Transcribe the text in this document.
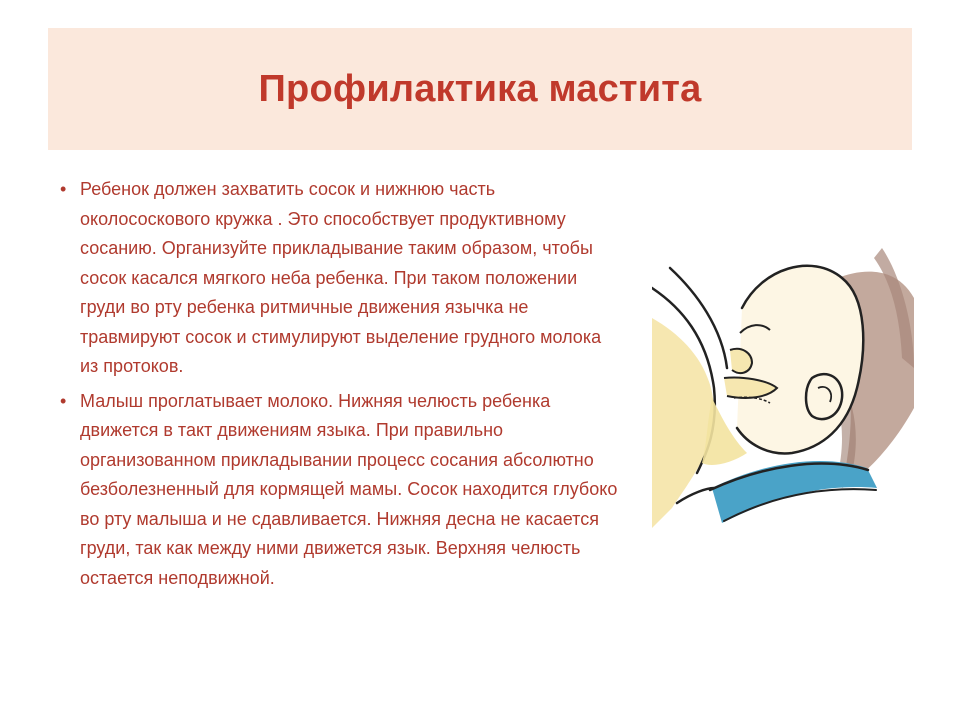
Профилактика мастита
• Ребенок должен захватить сосок и нижнюю часть околососкового кружка . Это способствует продуктивному сосанию. Организуйте прикладывание таким образом, чтобы сосок касался мягкого неба ребенка. При таком положении груди во рту ребенка ритмичные движения язычка не травмируют сосок и стимулируют выделение грудного молока из протоков.
• Малыш проглатывает молоко. Нижняя челюсть ребенка движется в такт движениям языка. При правильно организованном прикладывании процесс сосания абсолютно безболезненный для кормящей мамы. Сосок находится глубоко во рту малыша и не сдавливается. Нижняя десна не касается груди, так как между ними движется язык. Верхняя челюсть остается неподвижной.
